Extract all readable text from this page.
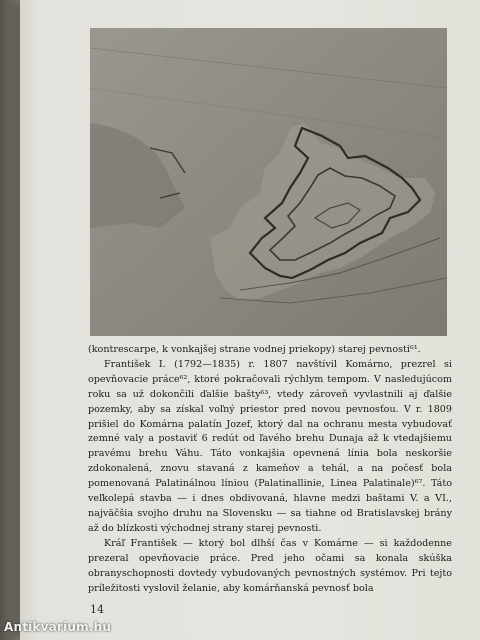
(kontrescarpe, k vonkajšej strane vodnej priekopy) starej pevnosti⁶¹.

František I. (1792—1835) r. 1807 navštívil Komárno, prezrel si opevňovacie práce⁶², ktoré pokračovali rýchlym tempom. V nasledujúcom roku sa už dokončili ďalšie bašty⁶³, vtedy zároveň vyvlastnili aj ďalšie pozemky, aby sa získal voľný priestor pred novou pevnosťou. V r. 1809 prišiel do Komárna palatín Jozef, ktorý dal na ochranu mesta vybudovať zemné valy a postaviť 6 redút od ľavého brehu Dunaja až k vtedajšiemu pravému brehu Váhu. Táto vonkajšia opevnená línia bola neskoršie zdokonalená, znovu stavaná z kameňov a tehál, a na počesť bola pomenovaná Palatinálnou líniou (Palatinallinie, Linea Palatinale)⁶⁷. Táto veľkolepá stavba — i dnes obdivovaná, hlavne medzi baštami V. a VI., najväčšia svojho druhu na Slovensku — sa tiahne od Bratislavskej brány až do blízkosti východnej strany starej pevnosti.

Kráľ František — ktorý bol dlhší čas v Komárne — si každodenne prezeral opevňovacie práce. Pred jeho očami sa konala skúška obranyschopnosti dovtedy vybudovaných pevnostných systémov. Pri tejto príležitosti vyslovil želanie, aby komárňanská pevnosť bola

14
Antikvarium.hu
